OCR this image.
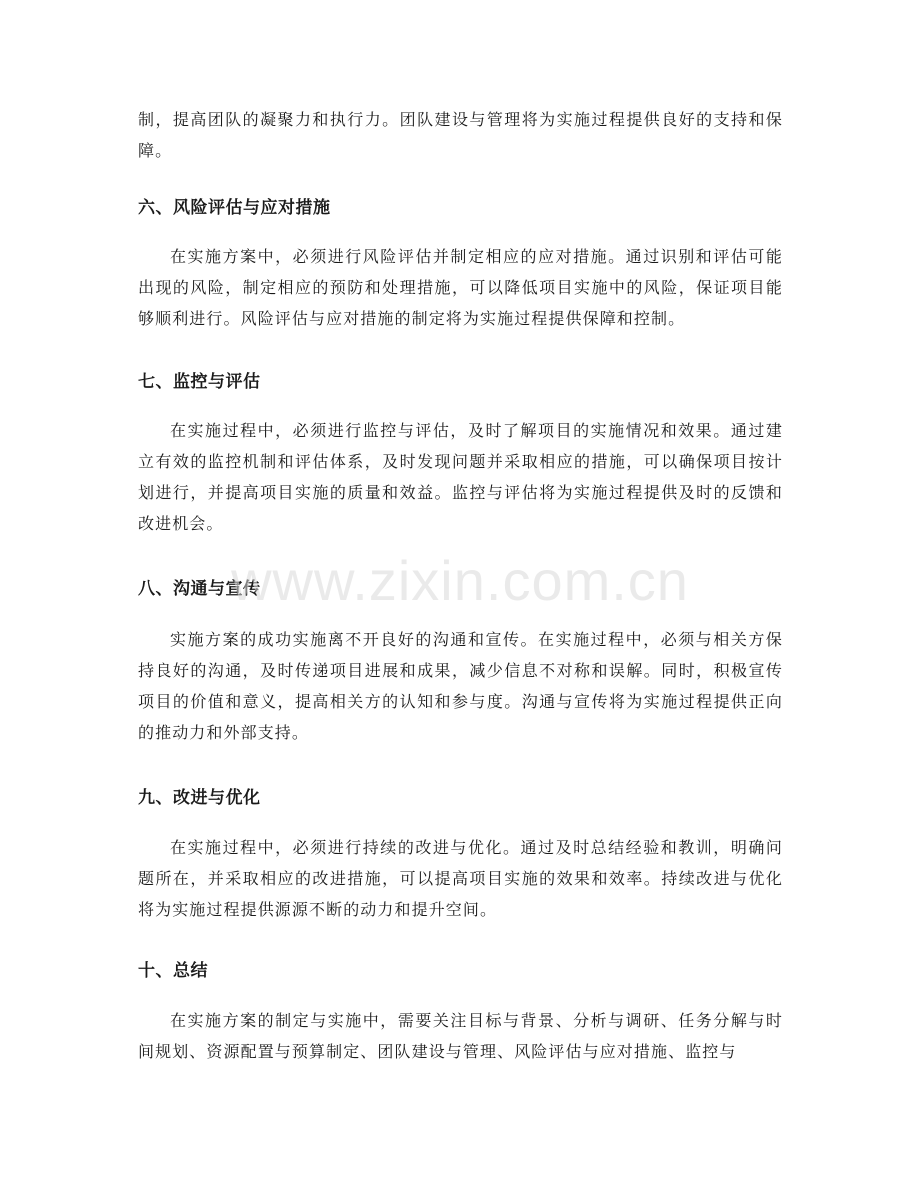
制，提高团队的凝聚力和执行力。团队建设与管理将为实施过程提供良好的支持和保障。

六、风险评估与应对措施

在实施方案中，必须进行风险评估并制定相应的应对措施。通过识别和评估可能出现的风险，制定相应的预防和处理措施，可以降低项目实施中的风险，保证项目能够顺利进行。风险评估与应对措施的制定将为实施过程提供保障和控制。

七、监控与评估

在实施过程中，必须进行监控与评估，及时了解项目的实施情况和效果。通过建立有效的监控机制和评估体系，及时发现问题并采取相应的措施，可以确保项目按计划进行，并提高项目实施的质量和效益。监控与评估将为实施过程提供及时的反馈和改进机会。

八、沟通与宣传

实施方案的成功实施离不开良好的沟通和宣传。在实施过程中，必须与相关方保持良好的沟通，及时传递项目进展和成果，减少信息不对称和误解。同时，积极宣传项目的价值和意义，提高相关方的认知和参与度。沟通与宣传将为实施过程提供正向的推动力和外部支持。

九、改进与优化

在实施过程中，必须进行持续的改进与优化。通过及时总结经验和教训，明确问题所在，并采取相应的改进措施，可以提高项目实施的效果和效率。持续改进与优化将为实施过程提供源源不断的动力和提升空间。

十、总结

在实施方案的制定与实施中，需要关注目标与背景、分析与调研、任务分解与时间规划、资源配置与预算制定、团队建设与管理、风险评估与应对措施、监控与

www.zixin.com.cn
